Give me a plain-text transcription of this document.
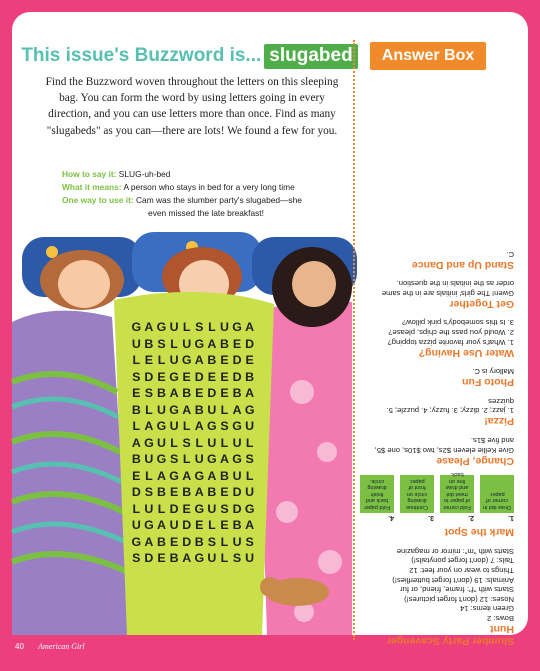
This issue's Buzzword is... slugabed

Find the Buzzword woven throughout the letters on this sleeping bag. You can form the word by using letters going in every direction, and you can use letters more than once. Find as many "slugabeds" as you can—there are lots! We found a few for you.

How to say it: SLUG-uh-bed
What it means: A person who stays in bed for a very long time
One way to use it: Cam was the slumber party's slugabed—she
even missed the late breakfast!
G A G U L S L U G A
U B S L U G A B E D
L E L U G A B E D E
S D E G E D E E D B
E S B A B E D E B A
B L U G A B U L A G
L A G U L A G S G U
A G U L S L U L U L
B U G S L U G A G S
E L A G A G A B U L
D S B E B A B E D U
L U L D E G U S D G
U G A U D E L E B A
G A B E D B S L U S
S D E B A G U L S U
Answer Box
Slumber Party Scavenger Hunt

Bows: 2

Green items: 14

Noses: 12 (don't forget pictures!)

Starts with "f": frame, friend, or fur

Animals: 19 (don't forget butterflies!)

Things to wear on your feet: 12

Tails: 7 (don't forget ponytails!)

Starts with "m": mirror or magazine

Mark the Spot
1.
Draw dot in corner of paper.
2.
Fold corner of paper to meet dot and draw line on back.
3.
Continue drawing circle on front of paper.
4.
Fold paper back and finish drawing circle.
Change, Please

Give Kellie eleven $2s, two $10s, one $5, and five $1s.

Pizza!

1. jazz; 2. dizzy; 3. fuzzy; 4. puzzle; 5. quizzes

Photo Fun

Mallory is C.

Water Use Having?

1. What's your favorite pizza topping?

2. Would you pass the chips, please?

3. Is this somebody's pink pillow?

Get Together

Gwen! The girls' initials are in the same order as the initials in the question.

Stand Up and Dance

C.

40 American Girl
